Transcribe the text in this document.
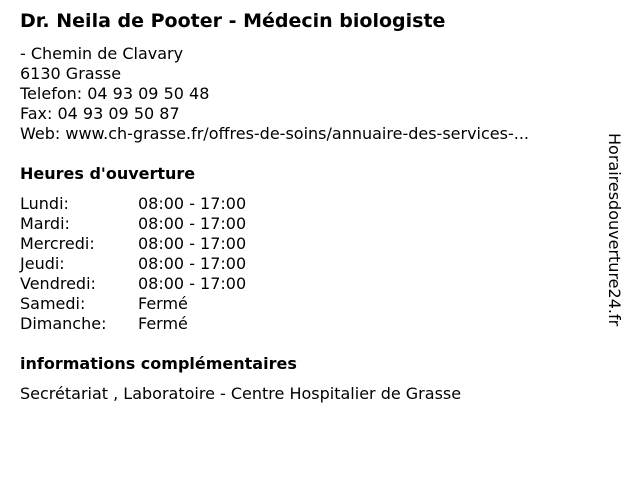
Dr. Neila de Pooter - Médecin biologiste
- Chemin de Clavary
6130 Grasse
Telefon: 04 93 09 50 48
Fax: 04 93 09 50 87
Web: www.ch-grasse.fr/offres-de-soins/annuaire-des-services-...
Heures d'ouverture
Lundi:	08:00 - 17:00
Mardi:	08:00 - 17:00
Mercredi:	08:00 - 17:00
Jeudi:	08:00 - 17:00
Vendredi:	08:00 - 17:00
Samedi:	Fermé
Dimanche:	Fermé
informations complémentaires
Secrétariat , Laboratoire - Centre Hospitalier de Grasse
Horairesdouverture24.fr
